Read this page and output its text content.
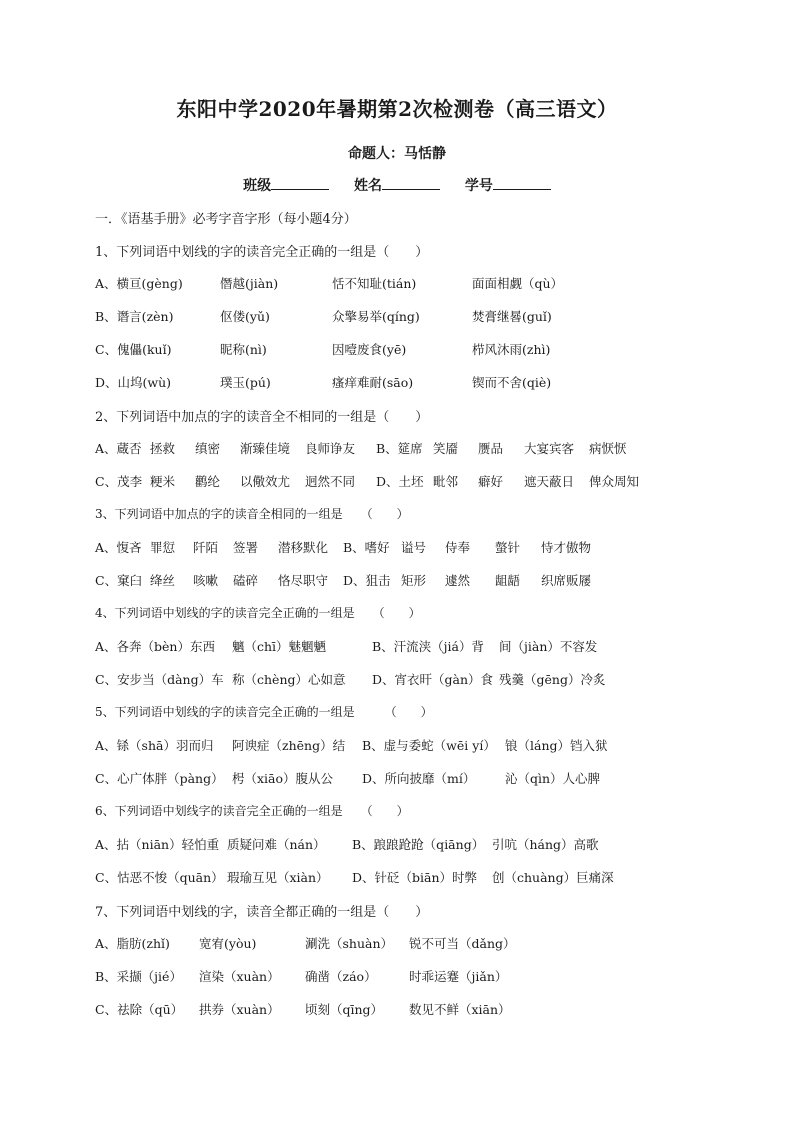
东阳中学2020年暑期第2次检测卷（高三语文）
命题人：马恬静
班级	姓名	学号
一．《语基手册》必考字音字形（每小题4分）
1、下列词语中划线的字的读音完全正确的一组是（　　）
A、横亘(gèng)	僭越(jiàn)	恬不知耻(tián)	面面相觑（qù）
B、谮言(zèn)	伛偻(yǔ)	众擎易举(qíng)	焚膏继晷(guǐ)
C、傀儡(kuǐ)	昵称(nì)	因噎废食(yē)	栉风沐雨(zhì)
D、山坞(wù)	璞玉(pú)	瘙痒难耐(sāo)	锲而不舍(qiè)
2、下列词语中加点的字的读音全不相同的一组是（　　）
A、蔵否 拯救 缜密 渐臻佳境 良师诤友 B、筵席 笑靥 赝品 大宴宾客 病恹恹
C、茂李 粳米 鹳纶 以儆效尤 迥然不同 D、土坯 毗邻 癖好 遮天蔽日 俾众周知
3、下列词语中加点的字的读音全相同的一组是　　（　　）
A、愎吝 罪愆 阡陌 签署 潜移默化 B、嗜好 谥号 侍奉 螫针 恃才傲物
C、窠臼 绛丝 咳嗽 磕碎 恪尽职守 D、狙击 矩形 遽然 龃龉 织席贩屦
4、下列词语中划线的字的读音完全正确的一组是　　（　　）
A、各奔（bèn）东西 魑（chī）魅魍魉	B、汗流浃（jiá）背 间（jiàn）不容发
C、安步当（dàng）车 称（chèng）心如意 D、宵衣旰（gàn）食 残羹（gēng）冷炙
5、下列词语中划线的字的读音完全正确的一组是　　　（　　）
A、铩（shā）羽而归 阿谀症（zhēng）结 B、虚与委蛇（wēi yí） 锒（láng）铛入狱
C、心广体胖（pàng） 枵（xiāo）腹从公 D、所向披靡（mí） 沁（qìn）人心脾
6、下列词语中划线字的读音完全正确的一组是　　（　　）
A、拈（niān）轻怕重 质疑问难（nán） B、踉踉跄跄（qiāng） 引吭（háng）高歌
C、怙恶不悛（quān） 瑕瑜互见（xiàn） D、针砭（biān）时弊 创（chuàng）巨痛深
7、下列词语中划线的字，读音全都正确的一组是（　　）
A、脂肪(zhǐ) 宽宥(yòu)	涮洗（shuàn） 锐不可当（dǎng）
B、采撷（jié） 渲染（xuàn） 确凿（záo）	时乖运蹇（jiǎn）
C、祛除（qū） 拱券（xuàn） 顷刻（qīng） 数见不鲜（xiān）
